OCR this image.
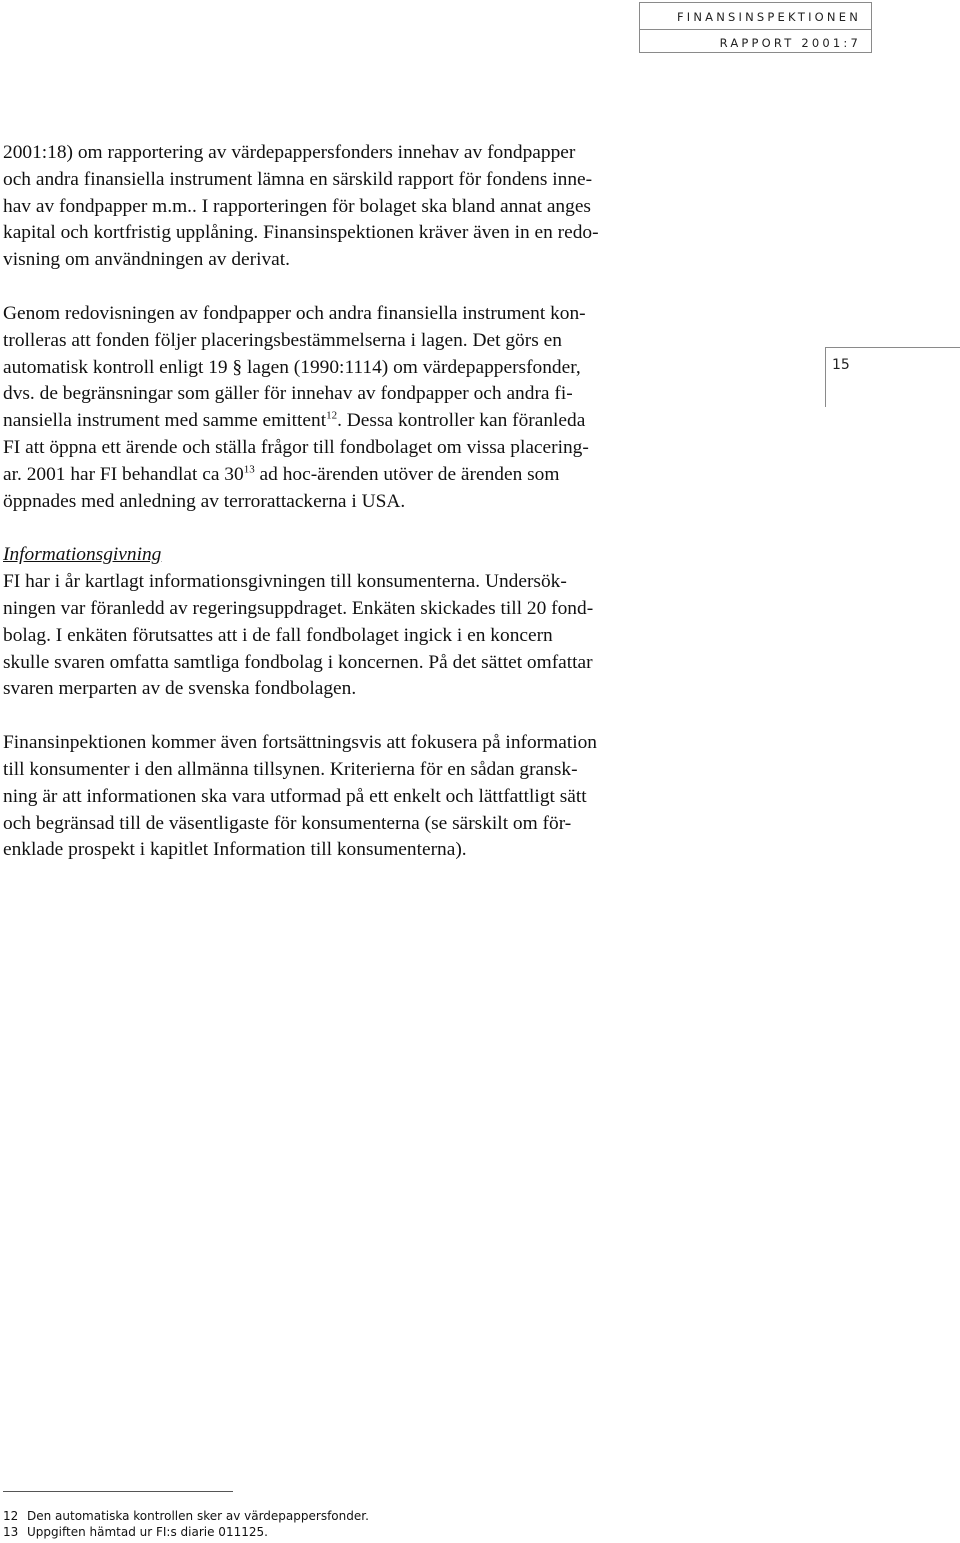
FINANSINSPEKTIONEN
RAPPORT 2001:7
15

2001:18) om rapportering av värdepappersfonders innehav av fondpapper
och andra finansiella instrument lämna en särskild rapport för fondens inne-
hav av fondpapper m.m.. I rapporteringen för bolaget ska bland annat anges
kapital och kortfristig upplåning. Finansinspektionen kräver även in en redo-
visning om användningen av derivat.

Genom redovisningen av fondpapper och andra finansiella instrument kon-
trolleras att fonden följer placeringsbestämmelserna i lagen. Det görs en
automatisk kontroll enligt 19 § lagen (1990:1114) om värdepappersfonder,
dvs. de begränsningar som gäller för innehav av fondpapper och andra fi-
nansiella instrument med samme emittent$^{12}$. Dessa kontroller kan föranleda
FI att öppna ett ärende och ställa frågor till fondbolaget om vissa placering-
ar. 2001 har FI behandlat ca $30^{13}$ ad hoc-ärenden utöver de ärenden som
öppnades med anledning av terrorattackerna i USA.

Informationsgivning
FI har i år kartlagt informationsgivningen till konsumenterna. Undersök-
ningen var föranledd av regeringsuppdraget. Enkäten skickades till 20 fond-
bolag. I enkäten förutsattes att i de fall fondbolaget ingick i en koncern
skulle svaren omfatta samtliga fondbolag i koncernen. På det sättet omfattar
svaren merparten av de svenska fondbolagen.

Finansinpektionen kommer även fortsättningsvis att fokusera på information
till konsumenter i den allmänna tillsynen. Kriterierna för en sådan gransk-
ning är att informationen ska vara utformad på ett enkelt och lättfattligt sätt
och begränsad till de väsentligaste för konsumenterna (se särskilt om för-
enklade prospekt i kapitlet Information till konsumenterna).

12 Den automatiska kontrollen sker av värdepappersfonder.
13 Uppgiften hämtad ur FI:s diarie 011125.
